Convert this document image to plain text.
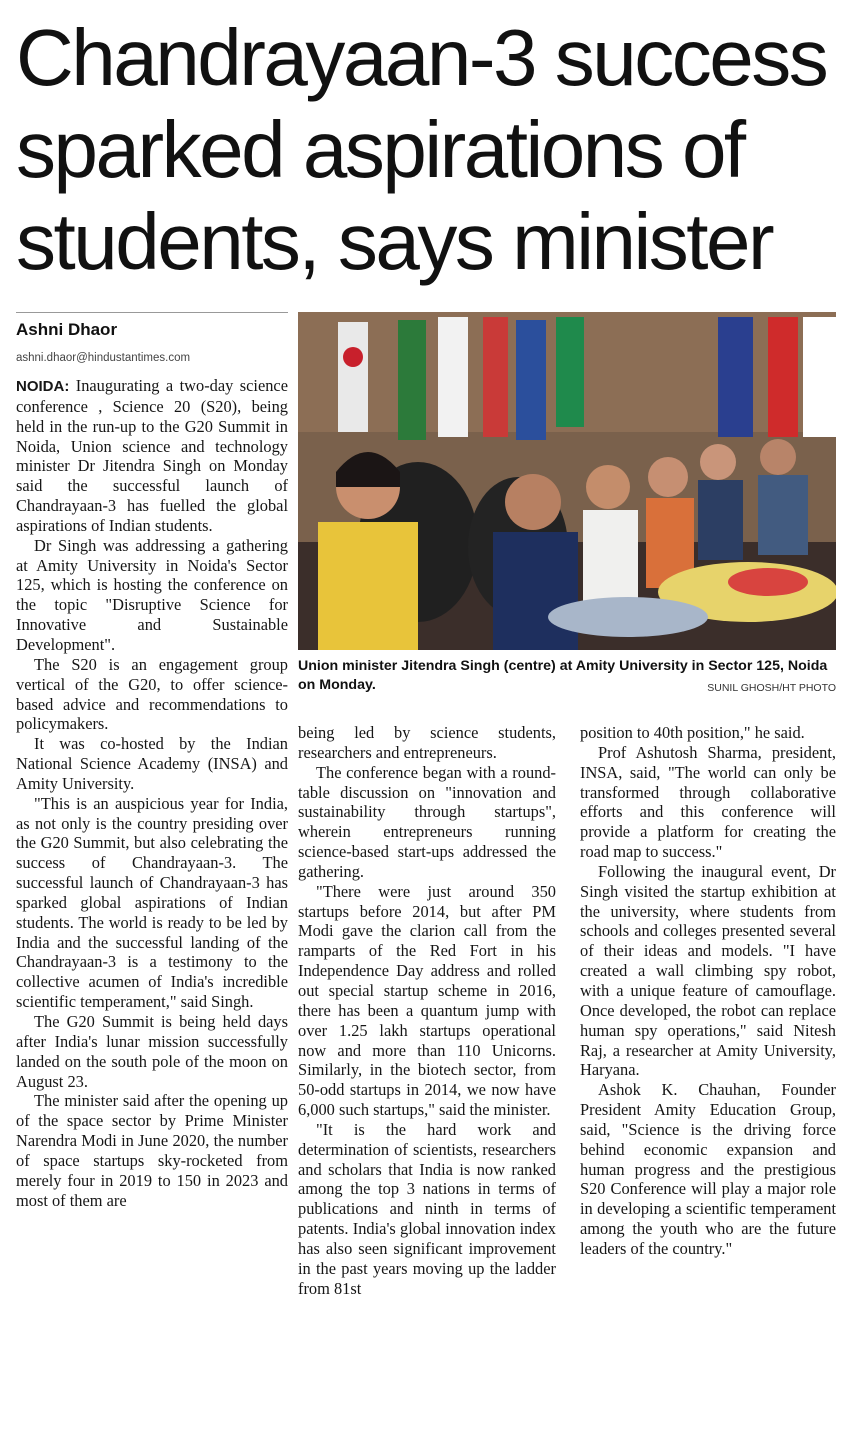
Chandrayaan-3 success
sparked aspirations of
students, says minister
Ashni Dhaor
ashni.dhaor@hindustantimes.com

NOIDA: Inaugurating a two-day science conference , Science 20 (S20), being held in the run-up to the G20 Summit in Noida, Union science and technology minister Dr Jitendra Singh on Monday said the successful launch of Chandrayaan-3 has fuelled the global aspirations of Indian students.

Dr Singh was addressing a gathering at Amity University in Noida's Sector 125, which is hosting the conference on the topic "Disruptive Science for Innovative and Sustainable Development".

The S20 is an engagement group vertical of the G20, to offer science-based advice and recommendations to policymakers.

It was co-hosted by the Indian National Science Academy (INSA) and Amity University.

"This is an auspicious year for India, as not only is the country presiding over the G20 Summit, but also celebrating the success of Chandrayaan-3. The successful launch of Chandrayaan-3 has sparked global aspirations of Indian students. The world is ready to be led by India and the successful landing of the Chandrayaan-3 is a testimony to the collective acumen of India's incredible scientific temperament," said Singh.

The G20 Summit is being held days after India's lunar mission successfully landed on the south pole of the moon on August 23.

The minister said after the opening up of the space sector by Prime Minister Narendra Modi in June 2020, the number of space startups sky-rocketed from merely four in 2019 to 150 in 2023 and most of them are

Union minister Jitendra Singh (centre) at Amity University in Sector 125, Noida on Monday.	SUNIL GHOSH/HT PHOTO

being led by science students, researchers and entrepreneurs.

The conference began with a round-table discussion on "innovation and sustainability through startups", wherein entrepreneurs running science-based start-ups addressed the gathering.

"There were just around 350 startups before 2014, but after PM Modi gave the clarion call from the ramparts of the Red Fort in his Independence Day address and rolled out special startup scheme in 2016, there has been a quantum jump with over 1.25 lakh startups operational now and more than 110 Unicorns. Similarly, in the biotech sector, from 50-odd startups in 2014, we now have 6,000 such startups," said the minister.

"It is the hard work and determination of scientists, researchers and scholars that India is now ranked among the top 3 nations in terms of publications and ninth in terms of patents. India's global innovation index has also seen significant improvement in the past years moving up the ladder from 81st

position to 40th position," he said.

Prof Ashutosh Sharma, president, INSA, said, "The world can only be transformed through collaborative efforts and this conference will provide a platform for creating the road map to success."

Following the inaugural event, Dr Singh visited the startup exhibition at the university, where students from schools and colleges presented several of their ideas and models. "I have created a wall climbing spy robot, with a unique feature of camouflage. Once developed, the robot can replace human spy operations," said Nitesh Raj, a researcher at Amity University, Haryana.

Ashok K. Chauhan, Founder President Amity Education Group, said, "Science is the driving force behind economic expansion and human progress and the prestigious S20 Conference will play a major role in developing a scientific temperament among the youth who are the future leaders of the country."
